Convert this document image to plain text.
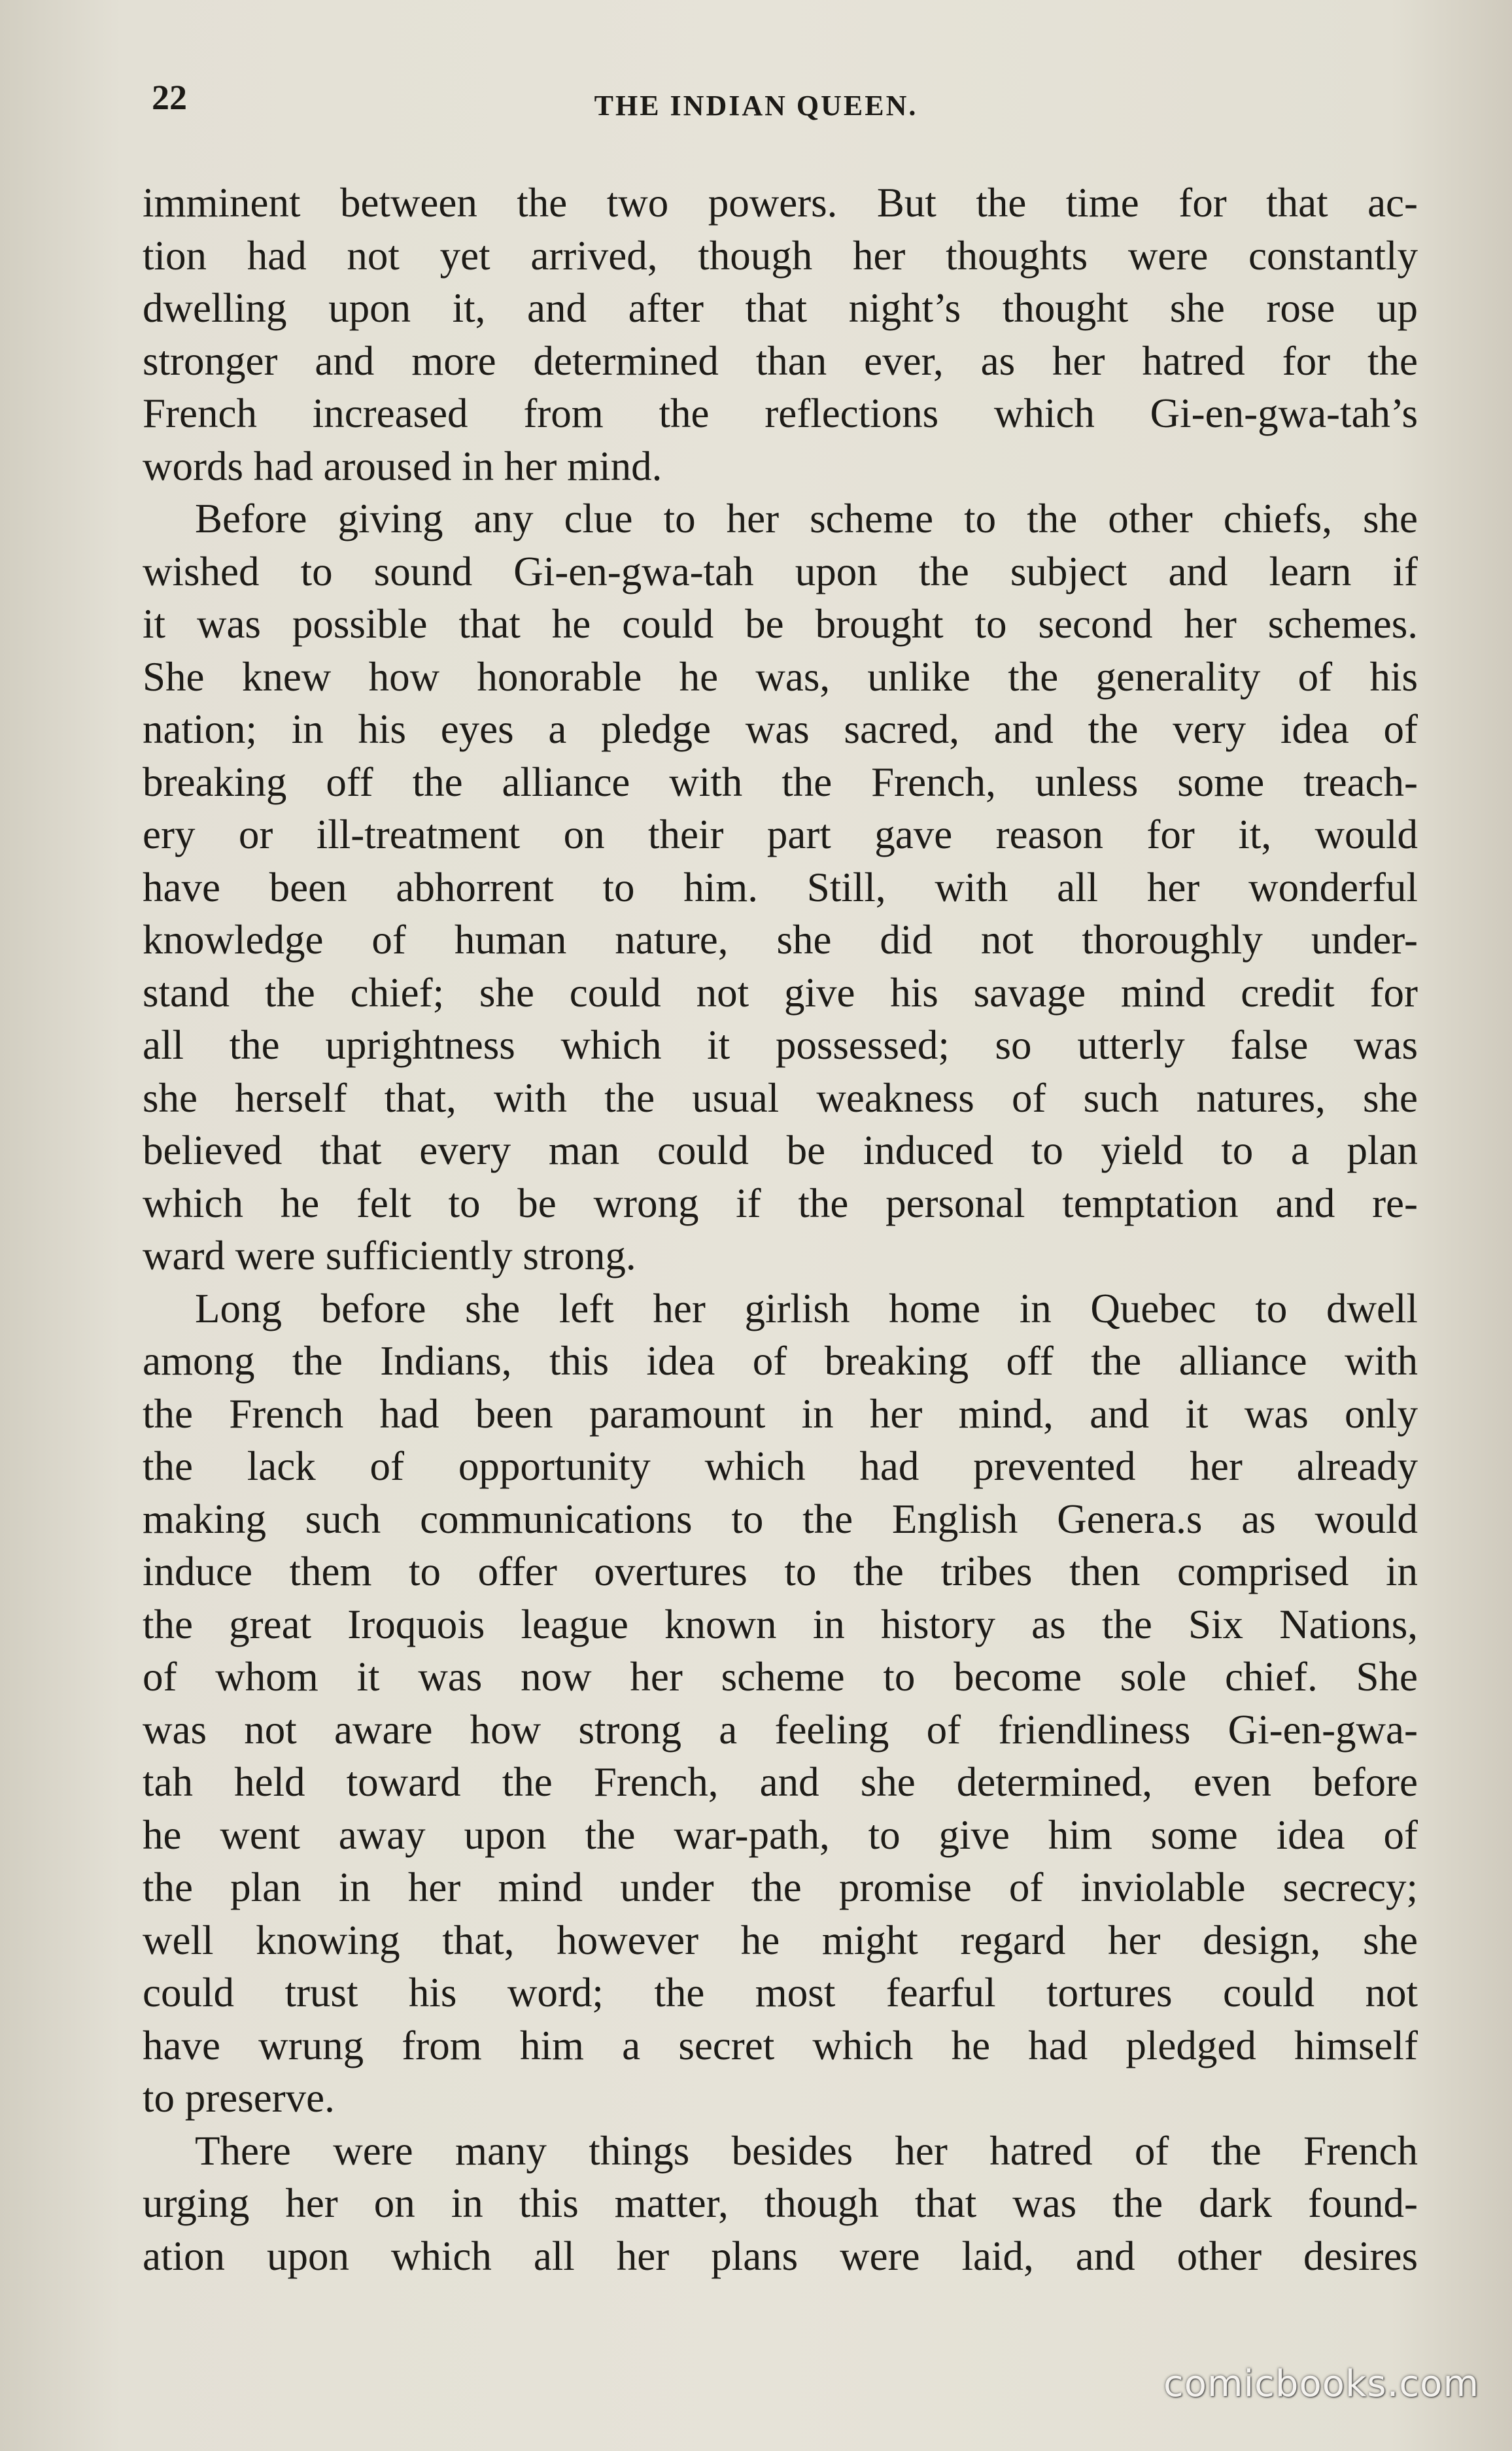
22	THE INDIAN QUEEN.
imminent between the two powers. But the time for that ac-
tion had not yet arrived, though her thoughts were constantly
dwelling upon it, and after that night’s thought she rose up
stronger and more determined than ever, as her hatred for the
French increased from the reflections which Gi-en-gwa-tah’s
words had aroused in her mind.
Before giving any clue to her scheme to the other chiefs, she
wished to sound Gi-en-gwa-tah upon the subject and learn if
it was possible that he could be brought to second her schemes.
She knew how honorable he was, unlike the generality of his
nation; in his eyes a pledge was sacred, and the very idea of
breaking off the alliance with the French, unless some treach-
ery or ill-treatment on their part gave reason for it, would
have been abhorrent to him. Still, with all her wonderful
knowledge of human nature, she did not thoroughly under-
stand the chief; she could not give his savage mind credit for
all the uprightness which it possessed; so utterly false was
she herself that, with the usual weakness of such natures, she
believed that every man could be induced to yield to a plan
which he felt to be wrong if the personal temptation and re-
ward were sufficiently strong.
Long before she left her girlish home in Quebec to dwell
among the Indians, this idea of breaking off the alliance with
the French had been paramount in her mind, and it was only
the lack of opportunity which had prevented her already
making such communications to the English Genera.s as would
induce them to offer overtures to the tribes then comprised in
the great Iroquois league known in history as the Six Nations,
of whom it was now her scheme to become sole chief. She
was not aware how strong a feeling of friendliness Gi-en-gwa-
tah held toward the French, and she determined, even before
he went away upon the war-path, to give him some idea of
the plan in her mind under the promise of inviolable secrecy;
well knowing that, however he might regard her design, she
could trust his word; the most fearful tortures could not
have wrung from him a secret which he had pledged himself
to preserve.
There were many things besides her hatred of the French
urging her on in this matter, though that was the dark found-
ation upon which all her plans were laid, and other desires
comicbooks.com
